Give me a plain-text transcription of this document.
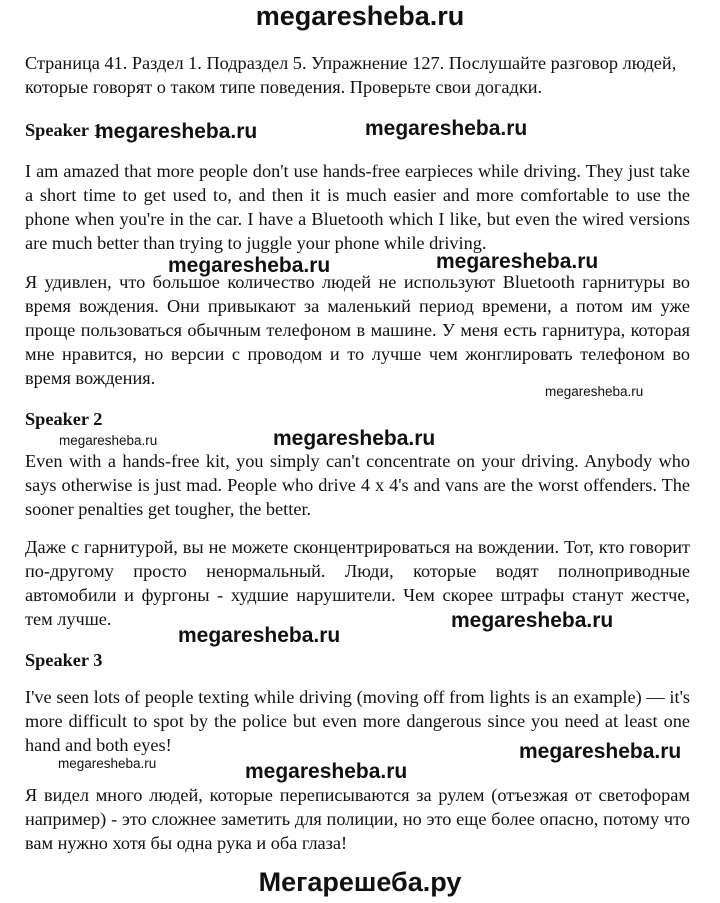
megaresheba.ru

Страница 41. Раздел 1. Подраздел 5. Упражнение 127. Послушайте разговор людей, которые говорят о таком типе поведения. Проверьте свои догадки.

Speaker 1

I am amazed that more people don't use hands-free earpieces while driving. They just take a short time to get used to, and then it is much easier and more comfortable to use the phone when you're in the car. I have a Bluetooth which I like, but even the wired versions are much better than trying to juggle your phone while driving.

Я удивлен, что большое количество людей не используют Bluetooth гарнитуры во время вождения. Они привыкают за маленький период времени, а потом им уже проще пользоваться обычным телефоном в машине. У меня есть гарнитура, которая мне нравится, но версии с проводом и то лучше чем жонглировать телефоном во время вождения.

Speaker 2

Even with a hands-free kit, you simply can't concentrate on your driving. Anybody who says otherwise is just mad. People who drive 4 x 4's and vans are the worst offenders. The sooner penalties get tougher, the better.

Даже с гарнитурой, вы не можете сконцентрироваться на вождении. Тот, кто говорит по-другому просто ненормальный. Люди, которые водят полноприводные автомобили и фургоны - худшие нарушители. Чем скорее штрафы станут жестче, тем лучше.

Speaker 3

I've seen lots of people texting while driving (moving off from lights is an example) — it's more difficult to spot by the police but even more dangerous since you need at least one hand and both eyes!

Я видел много людей, которые переписываются за рулем (отъезжая от светофорам например) - это сложнее заметить для полиции, но это еще более опасно, потому что вам нужно хотя бы одна рука и оба глаза!

megaresheba.ru	megaresheba.ru
megaresheba.ru	megaresheba.ru
megaresheba.ru
megaresheba.ru	megaresheba.ru
megaresheba.ru
megaresheba.ru
megaresheba.ru
megaresheba.ru	megaresheba.ru
Мегарешеба.ру
